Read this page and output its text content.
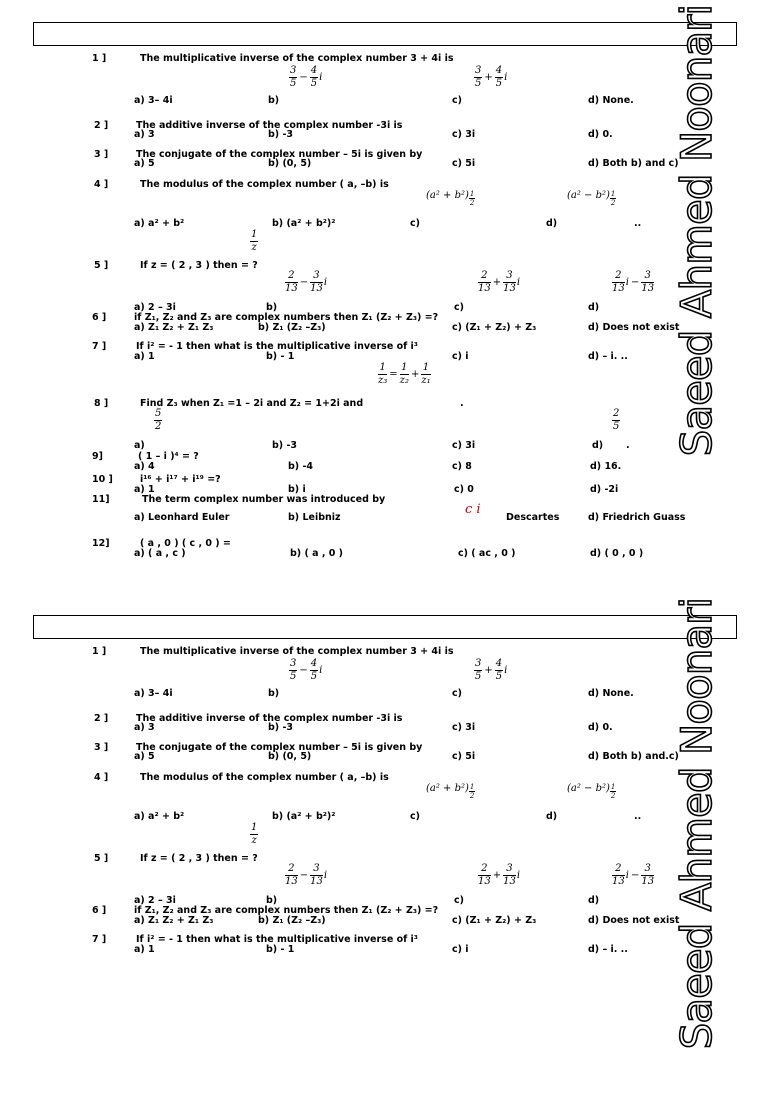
1 ]	The multiplicative inverse of the complex number 3 + 4i is
$\frac{3}{5} - \frac{4}{5}$ i	$\frac{3}{5} + \frac{4}{5}$ i
a) 3– 4i	b)	c)	d) None.
2 ]	The additive inverse of the complex number -3i is
a) 3	b) -3	c) 3i	d) 0.
3 ]	The conjugate of the complex number – 5i is given by
a) 5	b) (0, 5)	c) 5i	d) Both b) and c)
4 ]	The modulus of the complex number ( a, –b) is
$(a^2 + b^2) \frac{1}{2}$	$(a^2 - b^2) \frac{1}{2}$
a) a² + b²	b) (a² + b²)²	c)	d)	..
$\frac{1}{z}$
5 ]	If z = ( 2 , 3 ) then = ?
$\frac{2}{13} - \frac{3}{13}$ i	$\frac{2}{13} + \frac{3}{13}$ i	$\frac{2}{13}$ $i - \frac{3}{13}$
a) 2 – 3i	b)	c)	d)
6 ]	if Z₁, Z₂ and Z₃ are complex numbers then Z₁ (Z₂ + Z₃) =?
a) Z₁ Z₂ + Z₁ Z₃	b) Z₁ (Z₂ –Z₃)	c) (Z₁ + Z₂) + Z₃	d) Does not exist
7 ]	If i² = - 1 then what is the multiplicative inverse of i³
a) 1	b) - 1	c) i	d) – i. ..
$\frac{1}{\text{z₃}} = \frac{1}{\text{z₂}} + \frac{1}{\text{z₁}}$
8 ]	Find Z₃ when Z₁ =1 – 2i and Z₂ = 1+2i and	.
$\frac{5}{2}$	$\frac{2}{5}$
a)	b) -3	c) 3i	d) .
9]	( 1 – i )⁴ = ?
a) 4	b) -4	c) 8	d) 16.
10 ]	i¹⁶ + i¹⁷ + i¹⁹ =?
a) 1	b) i	c) 0	d) -2i
11]	The term complex number was introduced by
a) Leonhard Euler	b) Leibniz	Descartes	d) Friedrich Guass
12]	( a , 0 ) ( c , 0 ) =
a) ( a , c )	b) ( a , 0 )	c) ( ac , 0 )	d) ( 0 , 0 )
c i
Saeed Ahmed Noonari
1 ]	The multiplicative inverse of the complex number 3 + 4i is
$\frac{3}{5} - \frac{4}{5}$ i	$\frac{3}{5} + \frac{4}{5}$ i
a) 3– 4i	b)	c)	d) None.
2 ]	The additive inverse of the complex number -3i is
a) 3	b) -3	c) 3i	d) 0.
3 ]	The conjugate of the complex number – 5i is given by
a) 5	b) (0, 5)	c) 5i	d) Both b) and.c)
4 ]	The modulus of the complex number ( a, –b) is
$(a^2 + b^2) \frac{1}{2}$	$(a^2 - b^2) \frac{1}{2}$
a) a² + b²	b) (a² + b²)²	c)	d)	..
$\frac{1}{z}$
5 ]	If z = ( 2 , 3 ) then = ?
$\frac{2}{13} - \frac{3}{13}$ i	$\frac{2}{13} + \frac{3}{13}$ i	$\frac{2}{13}$ $i - \frac{3}{13}$
a) 2 – 3i	b)	c)	d)
6 ]	if Z₁, Z₂ and Z₃ are complex numbers then Z₁ (Z₂ + Z₃) =?
a) Z₁ Z₂ + Z₁ Z₃	b) Z₁ (Z₂ –Z₃)	c) (Z₁ + Z₂) + Z₃	d) Does not exist
7 ]	If i² = - 1 then what is the multiplicative inverse of i³
a) 1	b) - 1	c) i	d) – i. .. Saeed Ahmed Noonari
